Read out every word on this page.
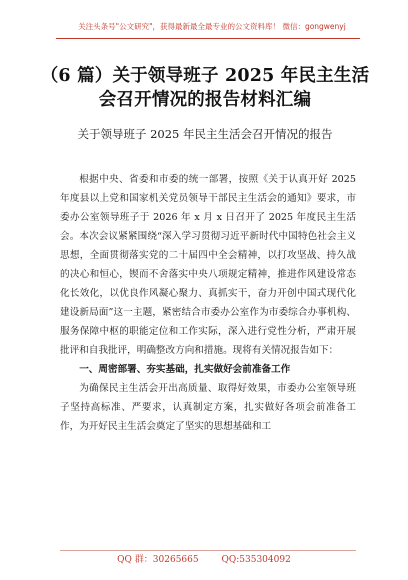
关注头条号"公文研究"，获得最新最全最专业的公文资料库！ 微信：gongwenyj
（6 篇）关于领导班子 2025 年民主生活会召开情况的报告材料汇编
关于领导班子 2025 年民主生活会召开情况的报告

根据中央、省委和市委的统一部署，按照《关于认真开好 2025 年度县以上党和国家机关党员领导干部民主生活会的通知》要求，市委办公室领导班子于 2026 年 x 月 x 日召开了 2025 年度民主生活会。本次会议紧紧围绕“深入学习贯彻习近平新时代中国特色社会主义思想，全面贯彻落实党的二十届四中全会精神，以打攻坚战、持久战的决心和恒心，锲而不舍落实中央八项规定精神，推进作风建设常态化长效化，以优良作风凝心聚力、真抓实干，奋力开创中国式现代化建设新局面”这一主题，紧密结合市委办公室作为市委综合办事机构、服务保障中枢的职能定位和工作实际，深入进行党性分析，严肃开展批评和自我批评，明确整改方向和措施。现将有关情况报告如下：

一、周密部署、夯实基础，扎实做好会前准备工作

为确保民主生活会开出高质量、取得好效果，市委办公室领导班子坚持高标准、严要求，认真制定方案，扎实做好各项会前准备工作，为开好民主生活会奠定了坚实的思想基础和工

QQ 群：30265665        QQ:535304092
